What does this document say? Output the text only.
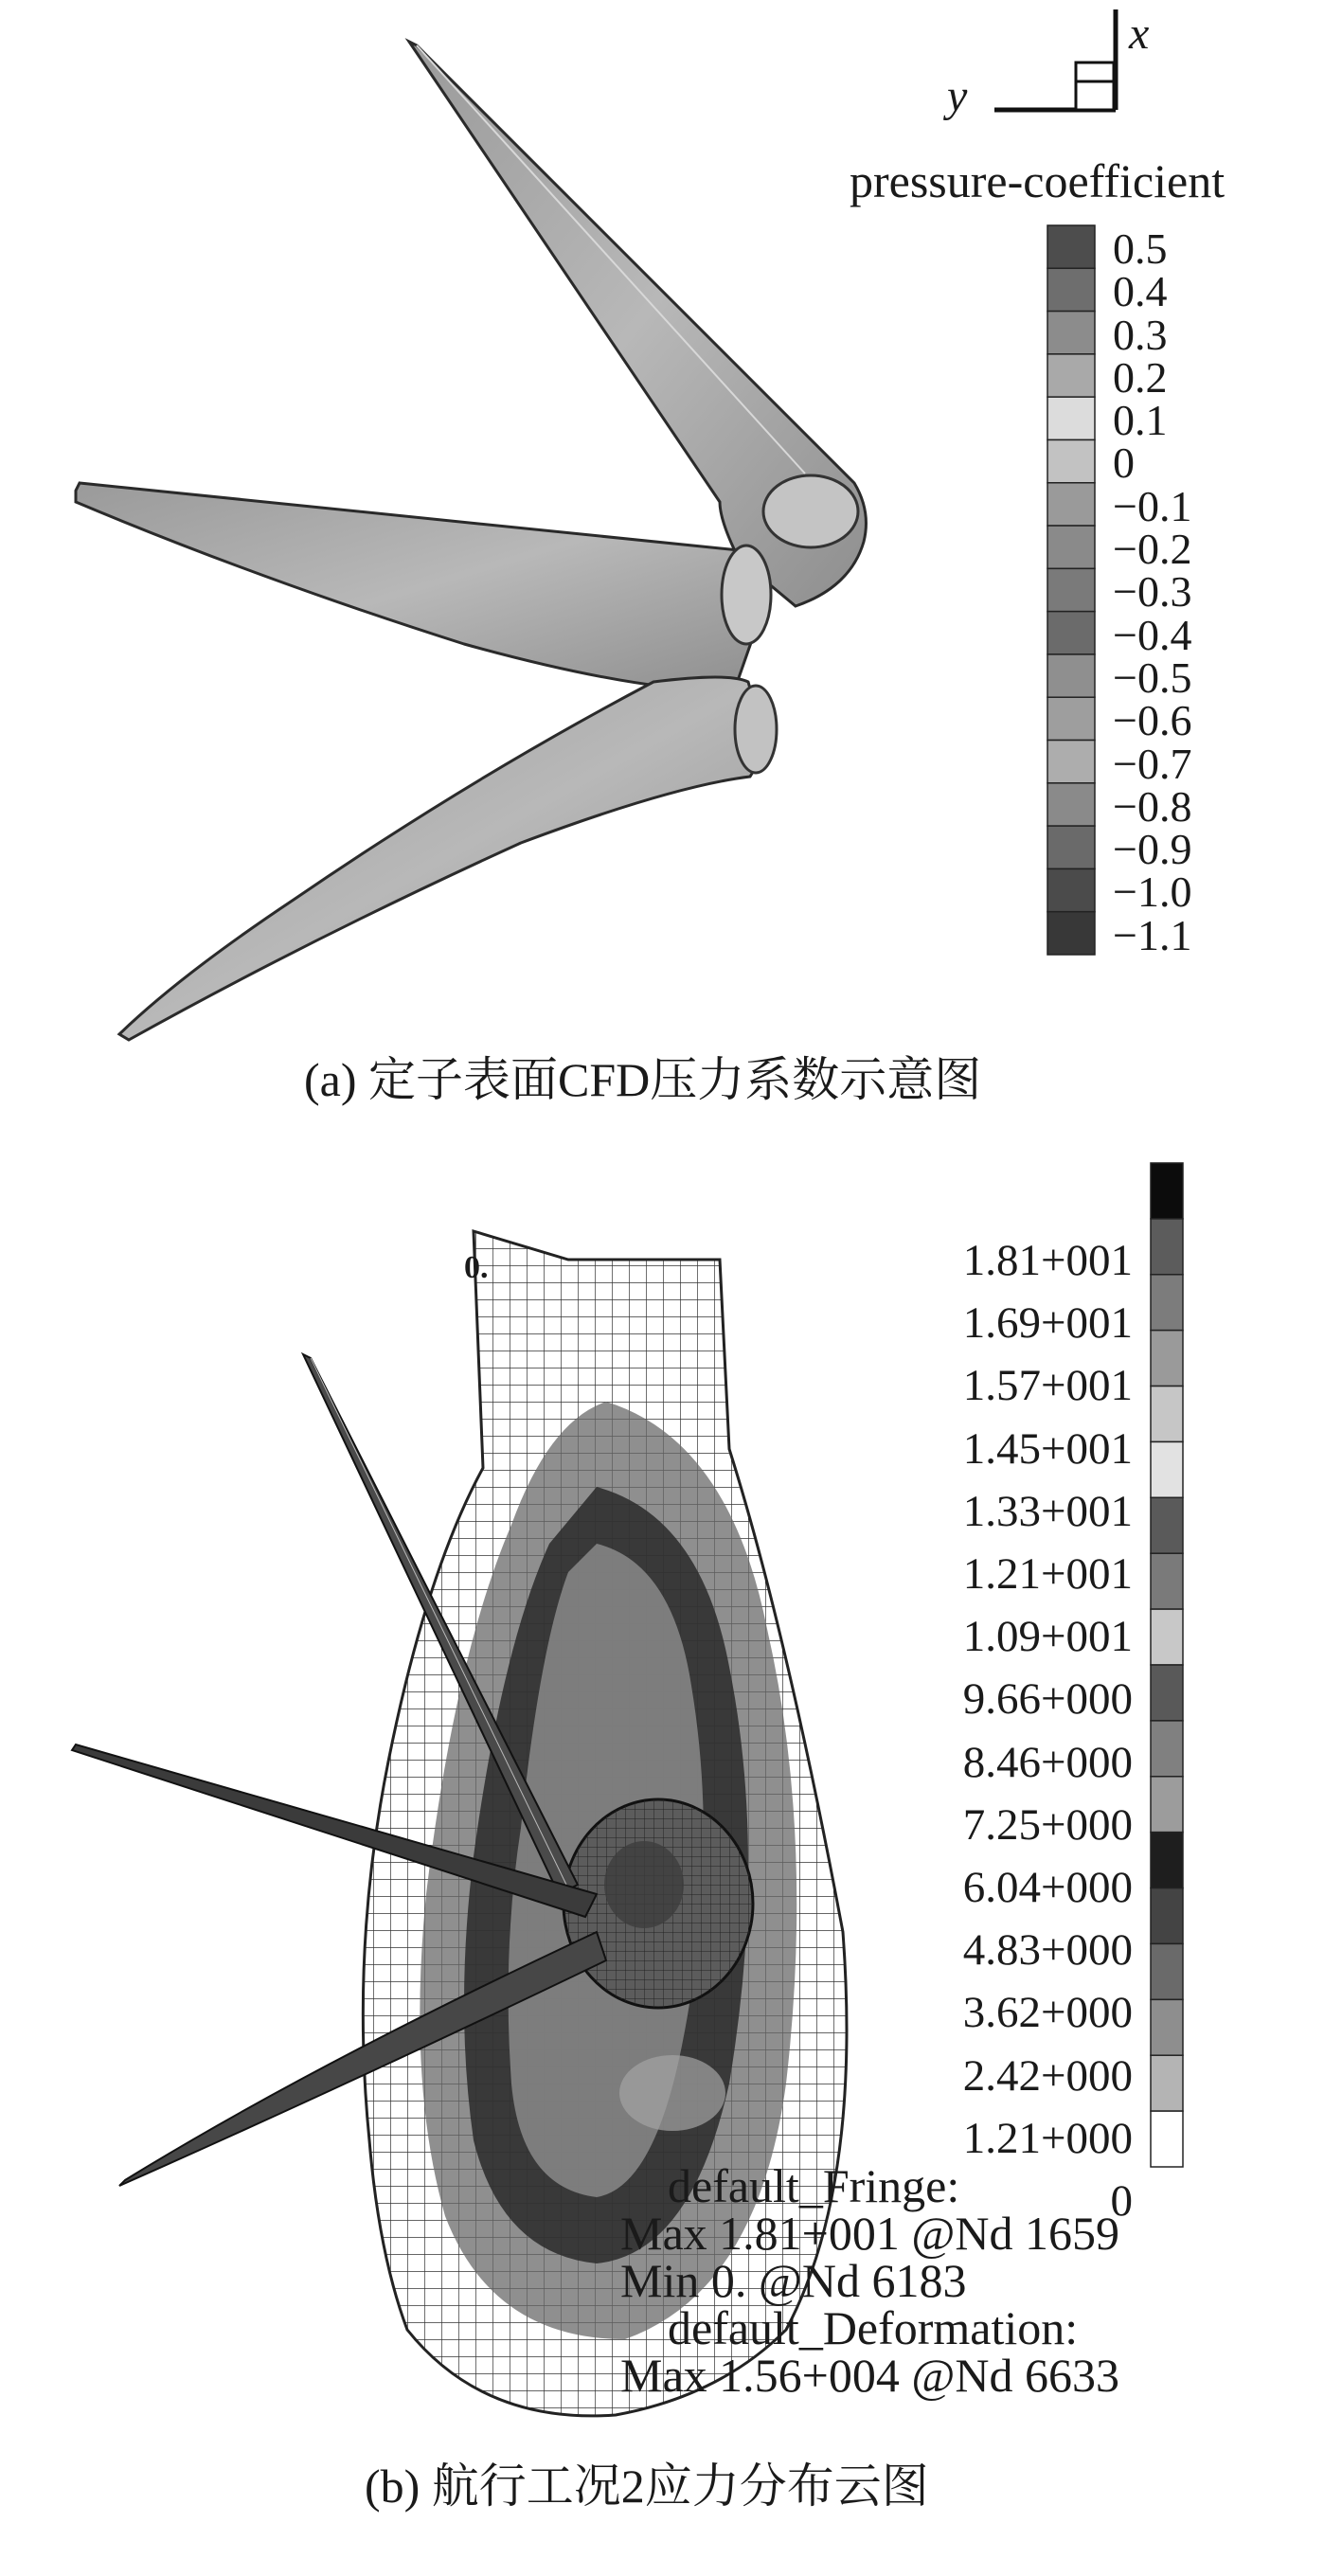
x
y
pressure-coefficient
0.5
0.4
0.3
0.2
0.1
0
−0.1
−0.2
−0.3
−0.4
−0.5
−0.6
−0.7
−0.8
−0.9
−1.0
−1.1
(a) 定子表面CFD压力系数示意图
0.	1.81+001
1.69+001
1.57+001
1.45+001
1.33+001
1.21+001
1.09+001
9.66+000
8.46+000
7.25+000
6.04+000
4.83+000
3.62+000
2.42+000
1.21+000
0
default_Fringe:
Max 1.81+001 @Nd 1659
Min 0. @Nd 6183
default_Deformation:
Max 1.56+004 @Nd 6633
(b) 航行工况2应力分布云图
